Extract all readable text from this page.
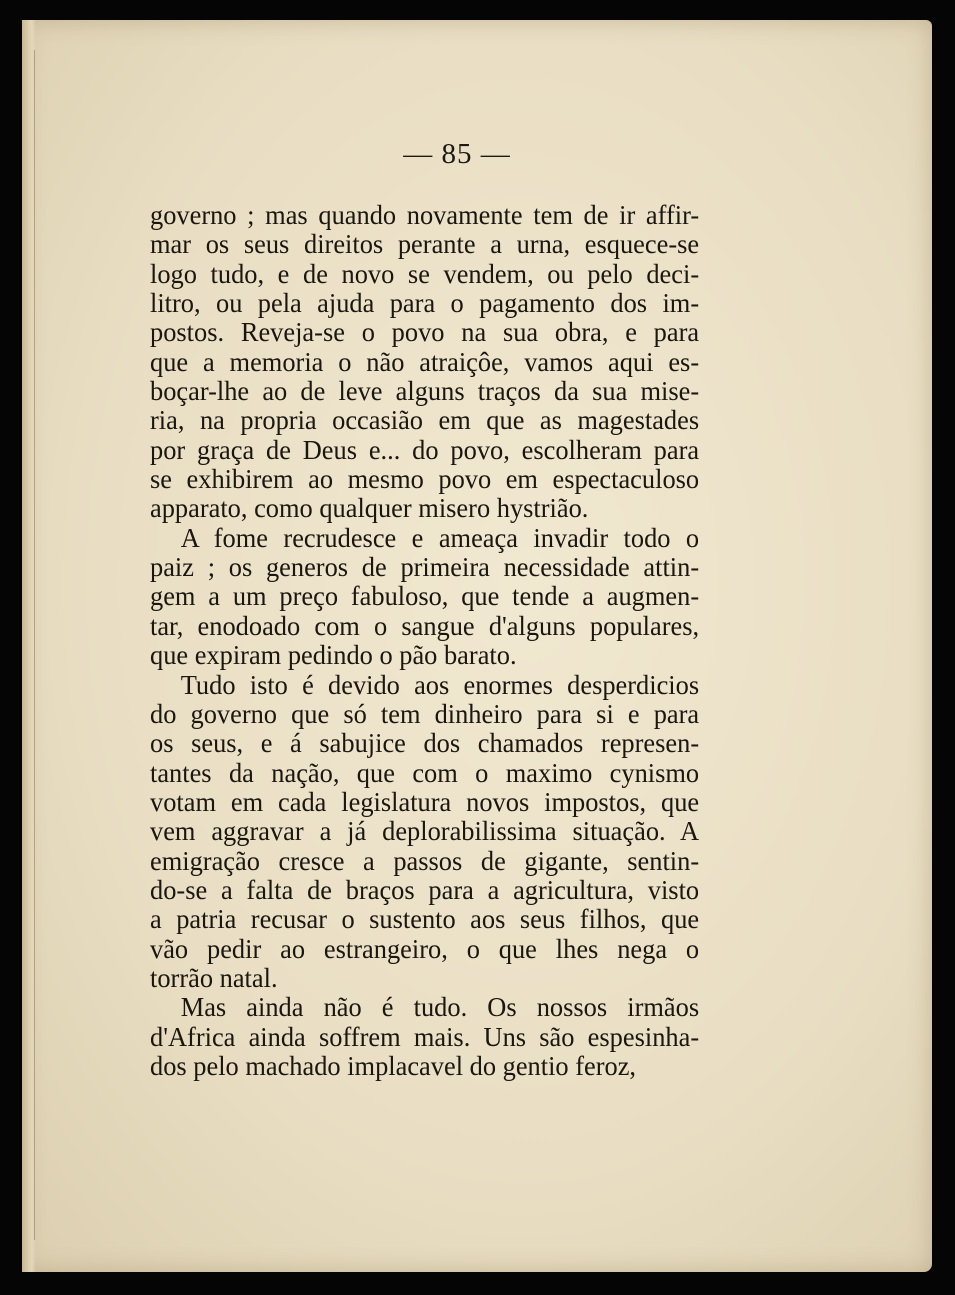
— 85 —
governo ; mas quando novamente tem de ir affir-
mar os seus direitos perante a urna, esquece-se
logo tudo, e de novo se vendem, ou pelo deci-
litro, ou pela ajuda para o pagamento dos im-
postos. Reveja-se o povo na sua obra, e para
que a memoria o não atraiçôe, vamos aqui es-
boçar-lhe ao de leve alguns traços da sua mise-
ria, na propria occasião em que as magestades
por graça de Deus e... do povo, escolheram para
se exhibirem ao mesmo povo em espectaculoso
apparato, como qualquer misero hystrião.
A fome recrudesce e ameaça invadir todo o
paiz ; os generos de primeira necessidade attin-
gem a um preço fabuloso, que tende a augmen-
tar, enodoado com o sangue d'alguns populares,
que expiram pedindo o pão barato.
Tudo isto é devido aos enormes desperdicios
do governo que só tem dinheiro para si e para
os seus, e á sabujice dos chamados represen-
tantes da nação, que com o maximo cynismo
votam em cada legislatura novos impostos, que
vem aggravar a já deplorabilissima situação. A
emigração cresce a passos de gigante, sentin-
do-se a falta de braços para a agricultura, visto
a patria recusar o sustento aos seus filhos, que
vão pedir ao estrangeiro, o que lhes nega o
torrão natal.
Mas ainda não é tudo. Os nossos irmãos
d'Africa ainda soffrem mais. Uns são espesinha-
dos pelo machado implacavel do gentio feroz,
